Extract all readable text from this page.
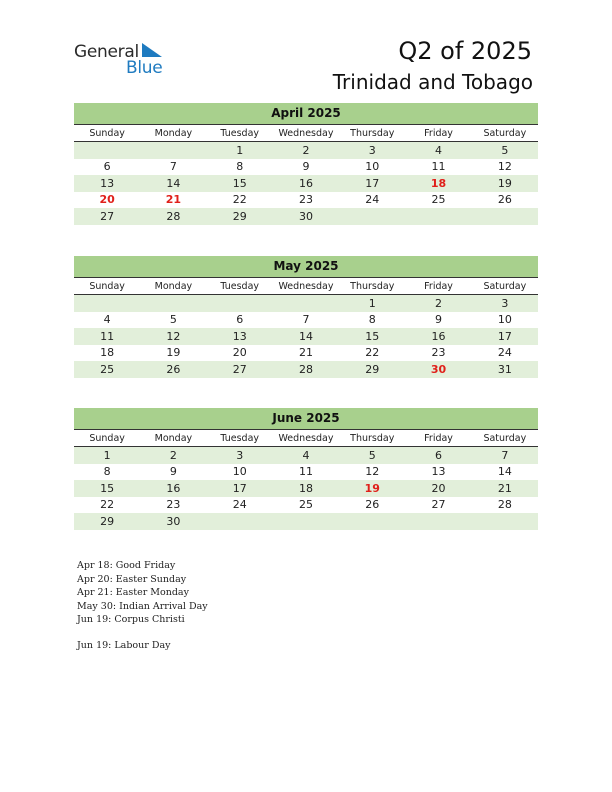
General
Blue
Q2 of 2025
Trinidad and Tobago
April 2025
Sunday	Monday	Tuesday	Wednesday	Thursday	Friday	Saturday
		1	2	3	4	5
6	7	8	9	10	11	12
13	14	15	16	17	18	19
20	21	22	23	24	25	26
27	28	29	30			
May 2025
Sunday	Monday	Tuesday	Wednesday	Thursday	Friday	Saturday
				1	2	3
4	5	6	7	8	9	10
11	12	13	14	15	16	17
18	19	20	21	22	23	24
25	26	27	28	29	30	31
June 2025
Sunday	Monday	Tuesday	Wednesday	Thursday	Friday	Saturday
1	2	3	4	5	6	7
8	9	10	11	12	13	14
15	16	17	18	19	20	21
22	23	24	25	26	27	28
29	30					
Apr 18: Good Friday
Apr 20: Easter Sunday
Apr 21: Easter Monday
May 30: Indian Arrival Day
Jun 19: Corpus Christi
Jun 19: Labour Day
